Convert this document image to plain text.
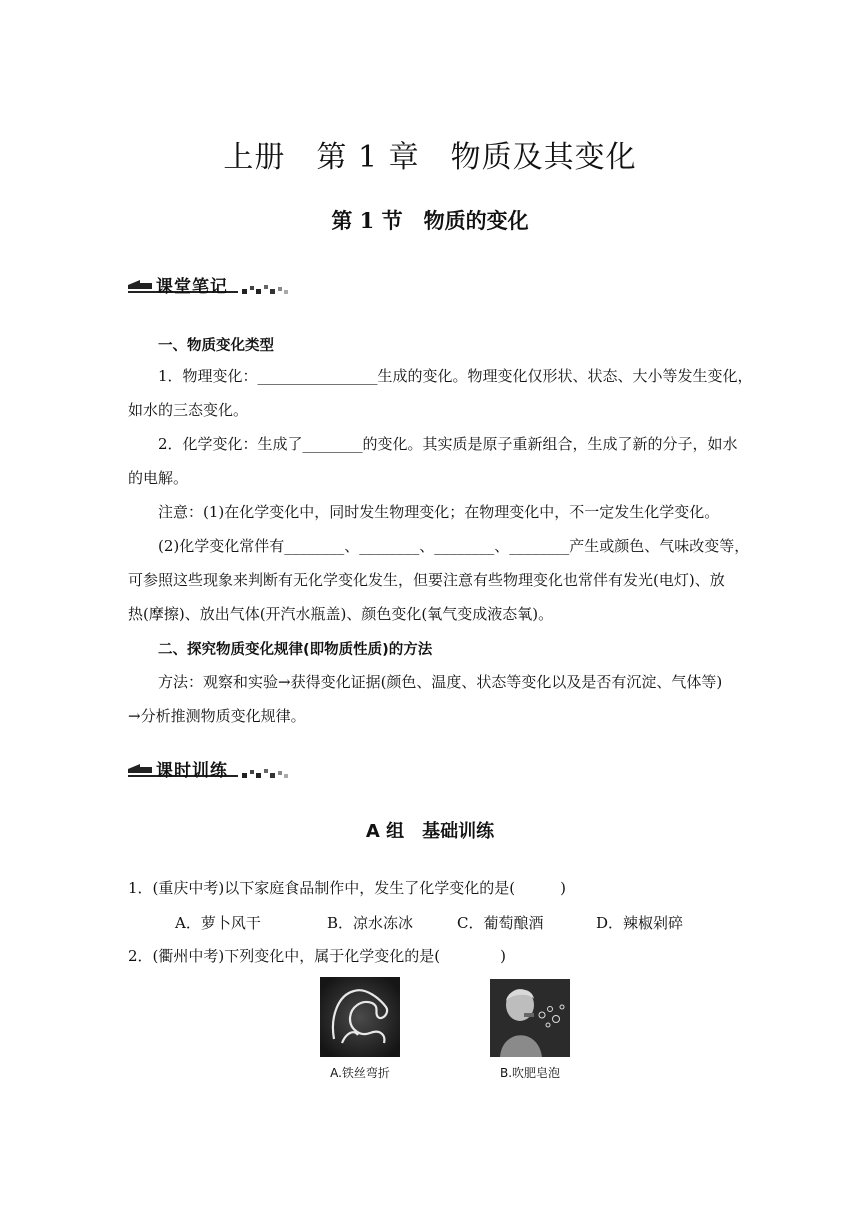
上册　第 1 章　物质及其变化
第 1 节　物质的变化
课堂笔记
一、物质变化类型
1．物理变化：________________生成的变化。物理变化仅形状、状态、大小等发生变化，
如水的三态变化。
2．化学变化：生成了________的变化。其实质是原子重新组合，生成了新的分子，如水
的电解。
注意：(1)在化学变化中，同时发生物理变化；在物理变化中，不一定发生化学变化。
(2)化学变化常伴有________、________、________、________产生或颜色、气味改变等，
可参照这些现象来判断有无化学变化发生，但要注意有些物理变化也常伴有发光(电灯)、放
热(摩擦)、放出气体(开汽水瓶盖)、颜色变化(氧气变成液态氧)。
二、探究物质变化规律(即物质性质)的方法
方法：观察和实验→获得变化证据(颜色、温度、状态等变化以及是否有沉淀、气体等)
→分析推测物质变化规律。
课时训练
A 组　基础训练
1．(重庆中考)以下家庭食品制作中，发生了化学变化的是(　　　)
A．萝卜风干	B．凉水冻冰	C．葡萄酿酒	D．辣椒剁碎
2．(衢州中考)下列变化中，属于化学变化的是(　　　　)
A.铁丝弯折	B.吹肥皂泡
